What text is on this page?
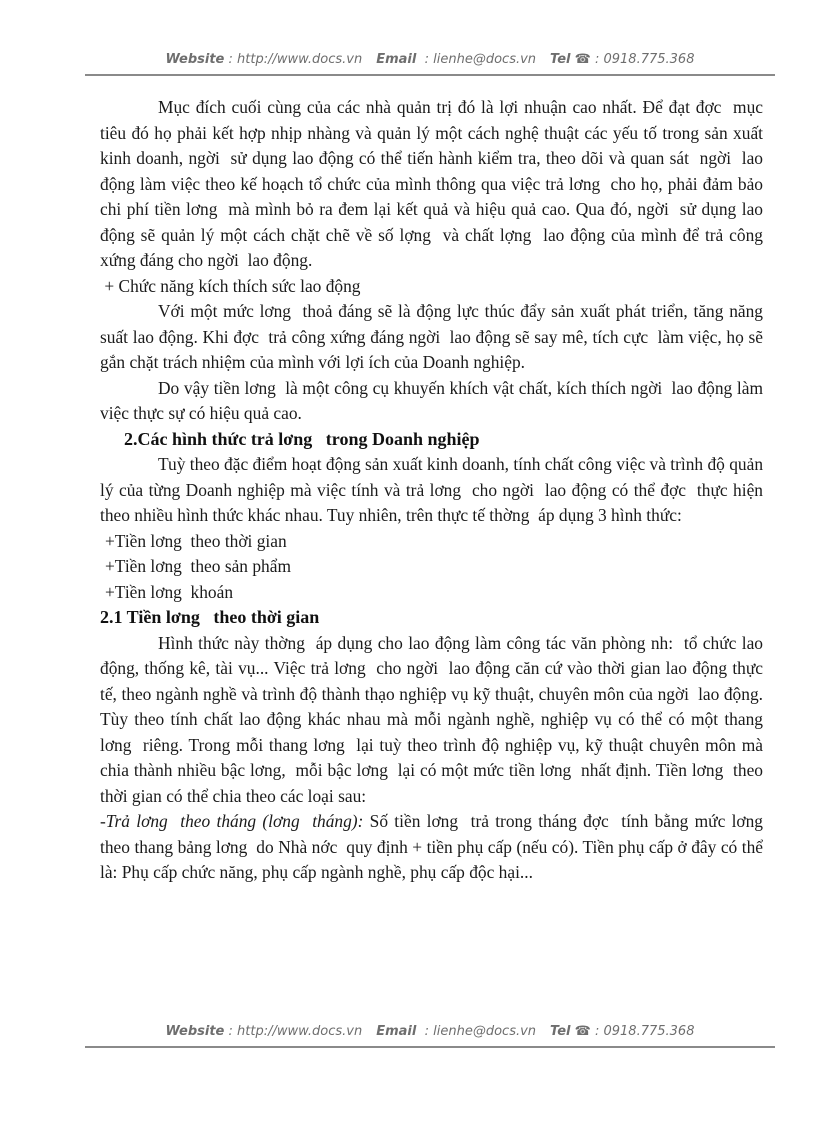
Website : http://www.docs.vn Email  : lienhe@docs.vn Tel ☎ : 0918.775.368

Mục đích cuối cùng của các nhà quản trị đó là lợi nhuận cao nhất. Để đạt đợc  mục tiêu đó họ phải kết hợp nhịp nhàng và quản lý một cách nghệ thuật các yếu tố trong sản xuất kinh doanh, ngời  sử dụng lao động có thể tiến hành kiểm tra, theo dõi và quan sát  ngời  lao động làm việc theo kế hoạch tổ chức của mình thông qua việc trả lơng  cho họ, phải đảm bảo chi phí tiền lơng  mà mình bỏ ra đem lại kết quả và hiệu quả cao. Qua đó, ngời  sử dụng lao động sẽ quản lý một cách chặt chẽ về số lợng  và chất lợng  lao động của mình để trả công xứng đáng cho ngời  lao động.

+ Chức năng kích thích sức lao động

Với một mức lơng  thoả đáng sẽ là động lực thúc đẩy sản xuất phát triển, tăng năng suất lao động. Khi đợc  trả công xứng đáng ngời  lao động sẽ say mê, tích cực  làm việc, họ sẽ gắn chặt trách nhiệm của mình với lợi ích của Doanh nghiệp.

Do vậy tiền lơng  là một công cụ khuyến khích vật chất, kích thích ngời  lao động làm việc thực sự có hiệu quả cao.

2.Các hình thức trả lơng   trong Doanh nghiệp

Tuỳ theo đặc điểm hoạt động sản xuất kinh doanh, tính chất công việc và trình độ quản lý của từng Doanh nghiệp mà việc tính và trả lơng  cho ngời  lao động có thể đợc  thực hiện theo nhiều hình thức khác nhau. Tuy nhiên, trên thực tế thờng  áp dụng 3 hình thức:

+Tiền lơng  theo thời gian

+Tiền lơng  theo sản phẩm

+Tiền lơng  khoán

2.1 Tiền lơng   theo thời gian

Hình thức này thờng  áp dụng cho lao động làm công tác văn phòng nh:  tổ chức lao động, thống kê, tài vụ... Việc trả lơng  cho ngời  lao động căn cứ vào thời gian lao động thực tế, theo ngành nghề và trình độ thành thạo nghiệp vụ kỹ thuật, chuyên môn của ngời  lao động. Tùy theo tính chất lao động khác nhau mà mỗi ngành nghề, nghiệp vụ có thể có một thang lơng  riêng. Trong mỗi thang lơng  lại tuỳ theo trình độ nghiệp vụ, kỹ thuật chuyên môn mà chia thành nhiều bậc lơng,  mỗi bậc lơng  lại có một mức tiền lơng  nhất định. Tiền lơng  theo thời gian có thể chia theo các loại sau:

-Trả lơng  theo tháng (lơng  tháng): Số tiền lơng  trả trong tháng đợc  tính bằng mức lơng  theo thang bảng lơng  do Nhà nớc  quy định + tiền phụ cấp (nếu có). Tiền phụ cấp ở đây có thể là: Phụ cấp chức năng, phụ cấp ngành nghề, phụ cấp độc hại...

Website : http://www.docs.vn Email  : lienhe@docs.vn Tel ☎ : 0918.775.368
